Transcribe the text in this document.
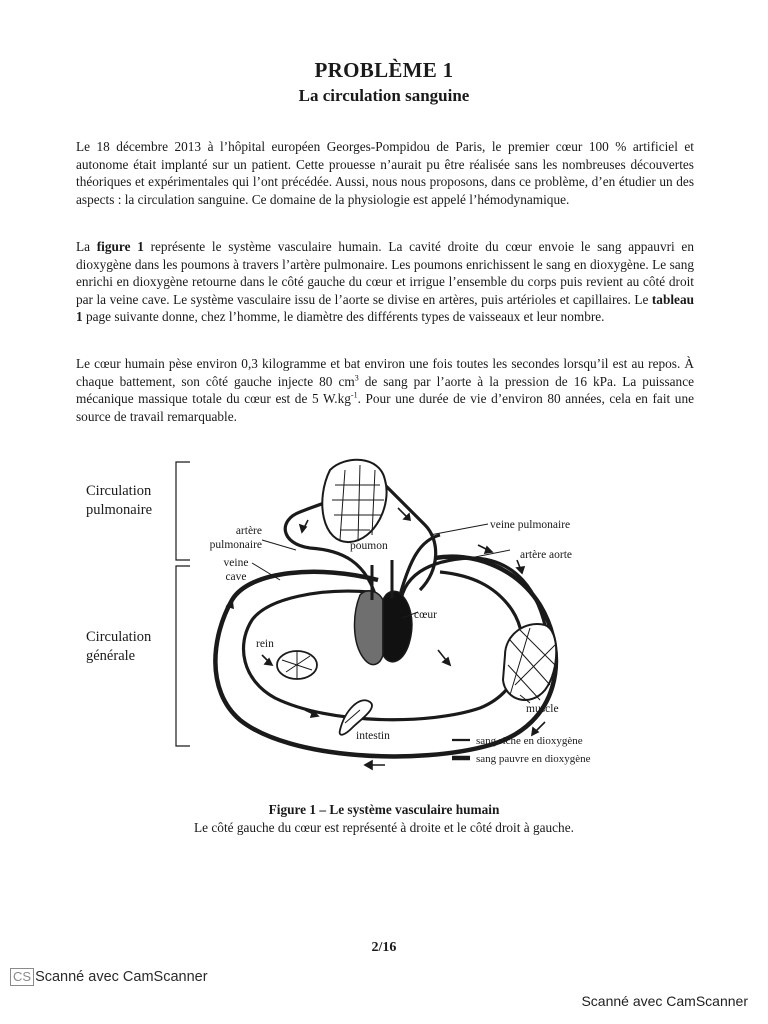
PROBLÈME 1
La circulation sanguine
Le 18 décembre 2013 à l’hôpital européen Georges-Pompidou de Paris, le premier cœur 100 % artificiel et autonome était implanté sur un patient. Cette prouesse n’aurait pu être réalisée sans les nombreuses découvertes théoriques et expérimentales qui l’ont précédée. Aussi, nous nous proposons, dans ce problème, d’en étudier un des aspects : la circulation sanguine. Ce domaine de la physiologie est appelé l’hémodynamique.
La figure 1 représente le système vasculaire humain. La cavité droite du cœur envoie le sang appauvri en dioxygène dans les poumons à travers l’artère pulmonaire. Les poumons enrichissent le sang en dioxygène. Le sang enrichi en dioxygène retourne dans le côté gauche du cœur et irrigue l’ensemble du corps puis revient au côté droit par la veine cave. Le système vasculaire issu de l’aorte se divise en artères, puis artérioles et capillaires. Le tableau 1 page suivante donne, chez l’homme, le diamètre des différents types de vaisseaux et leur nombre.
Le cœur humain pèse environ 0,3 kilogramme et bat environ une fois toutes les secondes lorsqu’il est au repos. À chaque battement, son côté gauche injecte 80 $cm^3$ de sang par l’aorte à la pression de 16 kPa. La puissance mécanique massique totale du cœur est de 5 $W.kg^{-1}$. Pour une durée de vie d’environ 80 années, cela en fait une source de travail remarquable.
Circulation
pulmonaire
Circulation
générale
artère
pulmonaire
veine
cave
poumon
veine pulmonaire
artère aorte
cœur
rein
muscle
intestin	sang riche en dioxygène
sang pauvre en dioxygène
Figure 1 – Le système vasculaire humain
Le côté gauche du cœur est représenté à droite et le côté droit à gauche.
2/16
CS Scanné avec CamScanner
Scanné avec CamScanner
